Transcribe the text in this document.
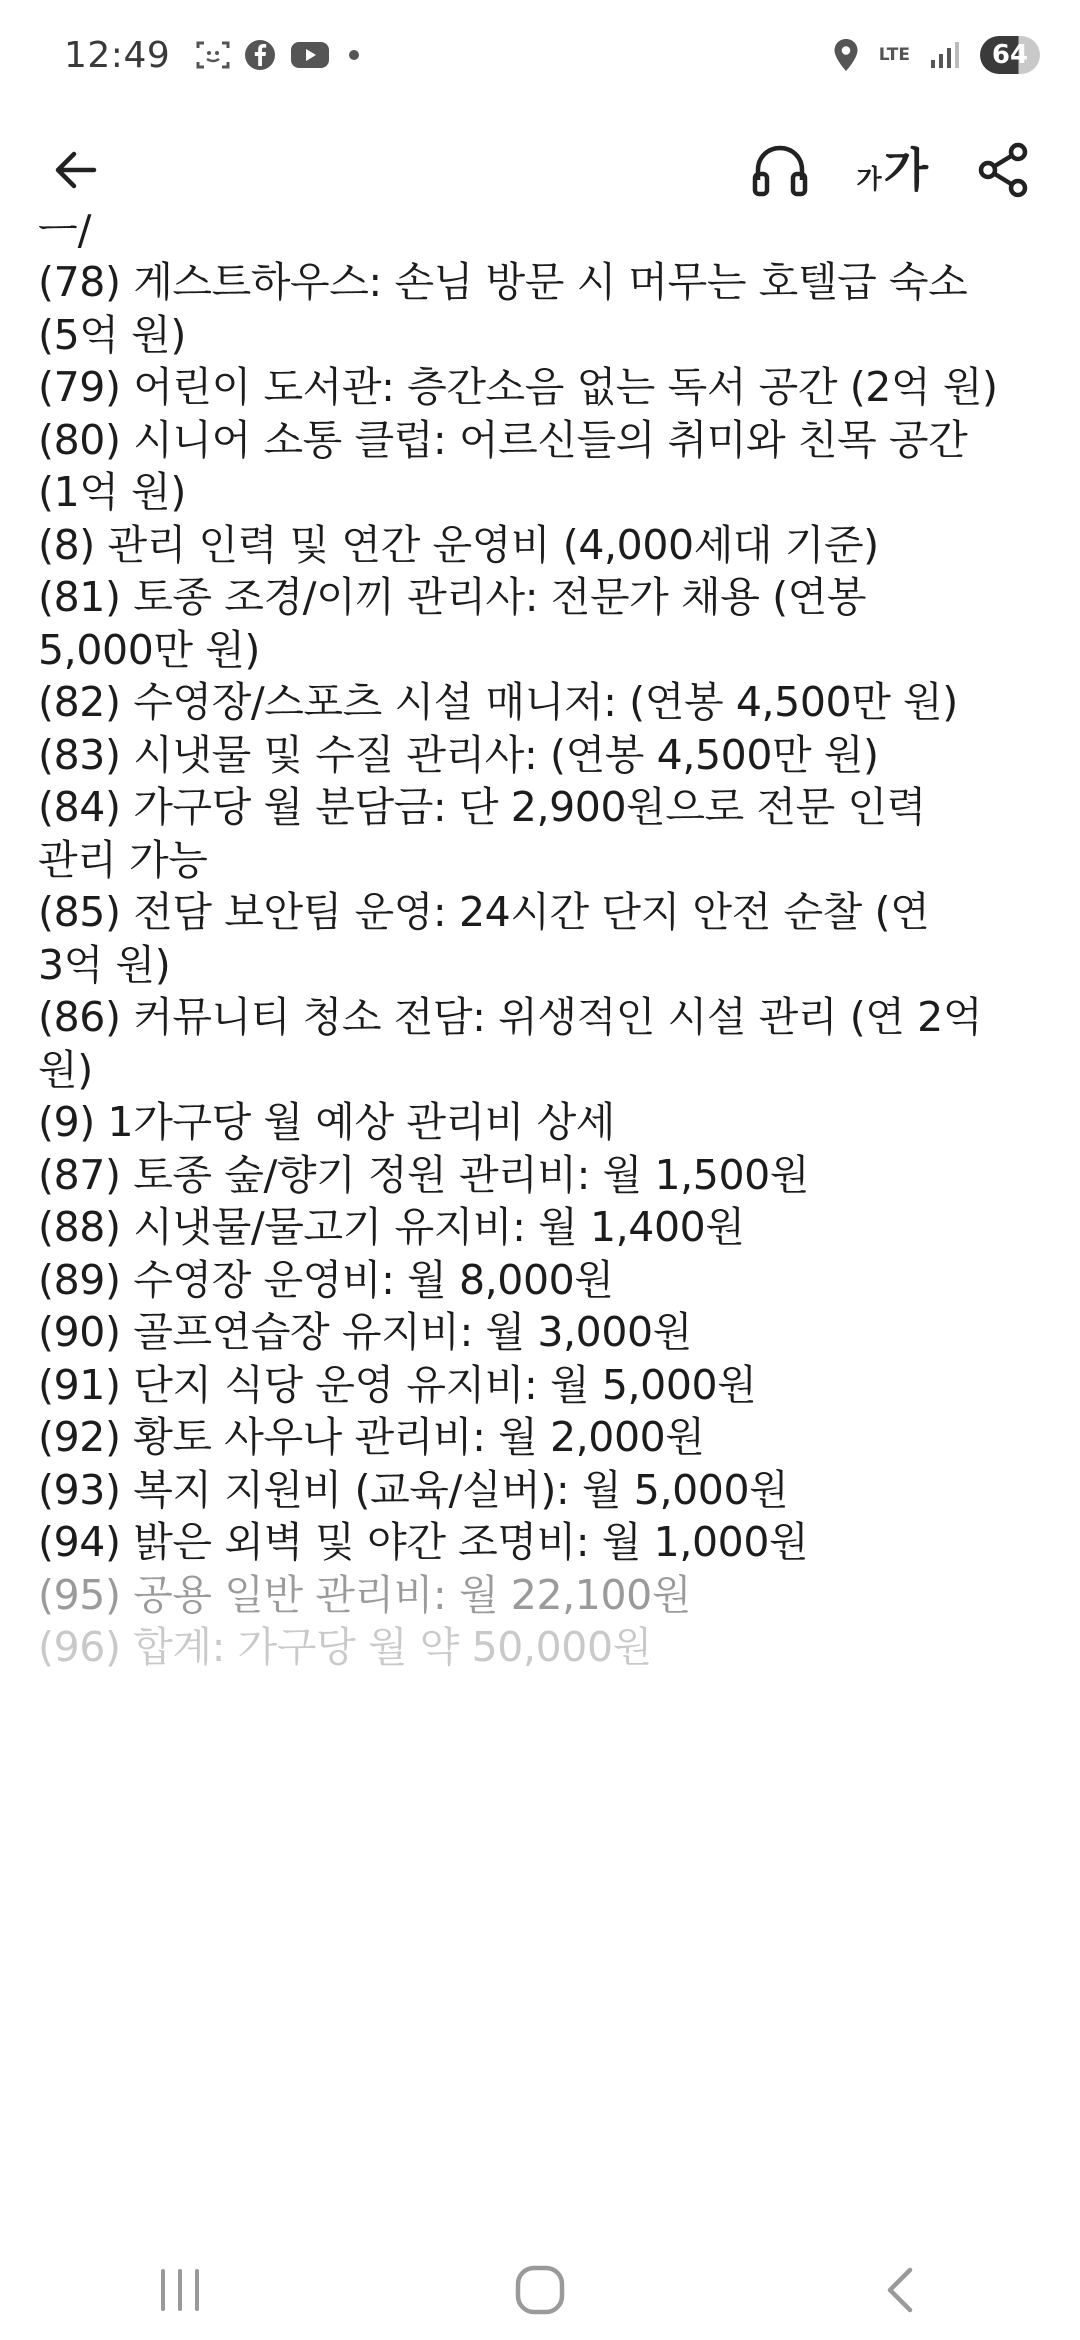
12:49	LTE	64
가 가
ㅡ/
(78) 게스트하우스: 손님 방문 시 머무는 호텔급 숙소
(5억 원)
(79) 어린이 도서관: 층간소음 없는 독서 공간 (2억 원)
(80) 시니어 소통 클럽: 어르신들의 취미와 친목 공간
(1억 원)
(8) 관리 인력 및 연간 운영비 (4,000세대 기준)
(81) 토종 조경/이끼 관리사: 전문가 채용 (연봉
5,000만 원)
(82) 수영장/스포츠 시설 매니저: (연봉 4,500만 원)
(83) 시냇물 및 수질 관리사: (연봉 4,500만 원)
(84) 가구당 월 분담금: 단 2,900원으로 전문 인력
관리 가능
(85) 전담 보안팀 운영: 24시간 단지 안전 순찰 (연
3억 원)
(86) 커뮤니티 청소 전담: 위생적인 시설 관리 (연 2억
원)
(9) 1가구당 월 예상 관리비 상세
(87) 토종 숲/향기 정원 관리비: 월 1,500원
(88) 시냇물/물고기 유지비: 월 1,400원
(89) 수영장 운영비: 월 8,000원
(90) 골프연습장 유지비: 월 3,000원
(91) 단지 식당 운영 유지비: 월 5,000원
(92) 황토 사우나 관리비: 월 2,000원
(93) 복지 지원비 (교육/실버): 월 5,000원
(94) 밝은 외벽 및 야간 조명비: 월 1,000원
(95) 공용 일반 관리비: 월 22,100원
(96) 합계: 가구당 월 약 50,000원
